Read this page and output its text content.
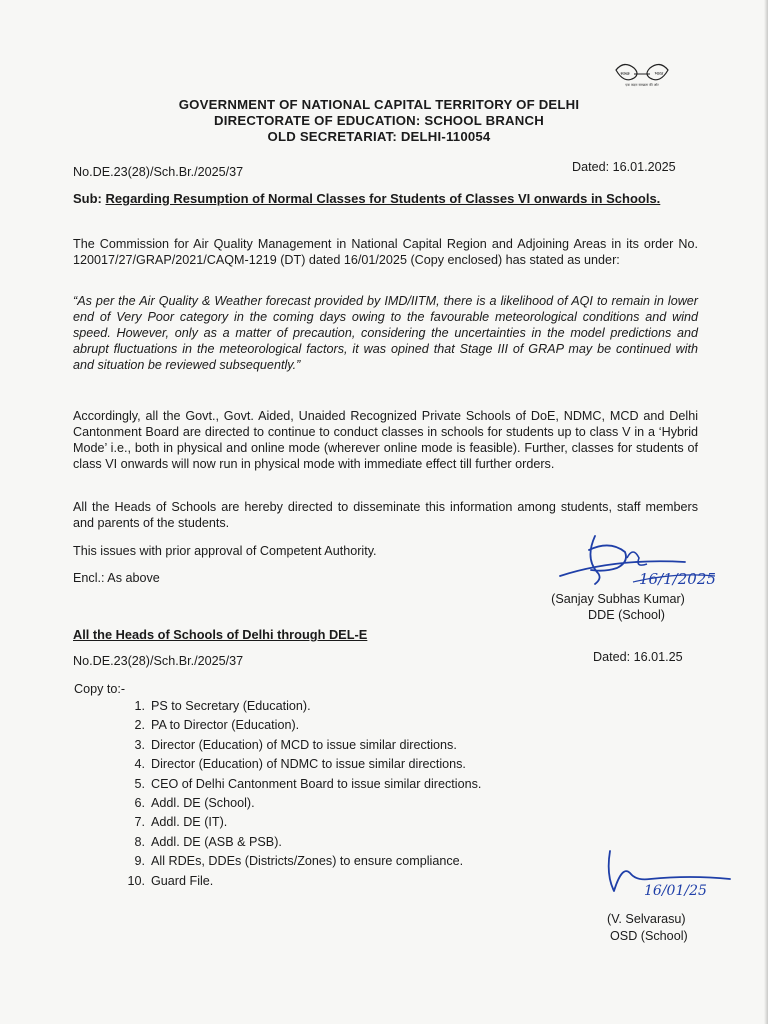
स्वच्छ	भारत
एक कदम स्वच्छता की ओर
GOVERNMENT OF NATIONAL CAPITAL TERRITORY OF DELHI
DIRECTORATE OF EDUCATION: SCHOOL BRANCH
OLD SECRETARIAT: DELHI-110054
No.DE.23(28)/Sch.Br./2025/37	Dated: 16.01.2025
Sub: Regarding Resumption of Normal Classes for Students of Classes VI onwards in Schools.
The Commission for Air Quality Management in National Capital Region and Adjoining Areas in its order No. 120017/27/GRAP/2021/CAQM-1219 (DT) dated 16/01/2025 (Copy enclosed) has stated as under:
“As per the Air Quality & Weather forecast provided by IMD/IITM, there is a likelihood of AQI to remain in lower end of Very Poor category in the coming days owing to the favourable meteorological conditions and wind speed. However, only as a matter of precaution, considering the uncertainties in the model predictions and abrupt fluctuations in the meteorological factors, it was opined that Stage III of GRAP may be continued with and situation be reviewed subsequently.”
Accordingly, all the Govt., Govt. Aided, Unaided Recognized Private Schools of DoE, NDMC, MCD and Delhi Cantonment Board are directed to continue to conduct classes in schools for students up to class V in a ‘Hybrid Mode’ i.e., both in physical and online mode (wherever online mode is feasible). Further, classes for students of class VI onwards will now run in physical mode with immediate effect till further orders.
All the Heads of Schools are hereby directed to disseminate this information among students, staff members and parents of the students.
This issues with prior approval of Competent Authority.
Encl.: As above	16/1/2025
(Sanjay Subhas Kumar)
DDE (School)
All the Heads of Schools of Delhi through DEL-E
No.DE.23(28)/Sch.Br./2025/37	Dated: 16.01.25
Copy to:-
1. PS to Secretary (Education).
2. PA to Director (Education).
3. Director (Education) of MCD to issue similar directions.
4. Director (Education) of NDMC to issue similar directions.
5. CEO of Delhi Cantonment Board to issue similar directions.
6. Addl. DE (School).
7. Addl. DE (IT).
8. Addl. DE (ASB & PSB).
9. All RDEs, DDEs (Districts/Zones) to ensure compliance.
10. Guard File.
16/01/25
(V. Selvarasu)
OSD (School)
